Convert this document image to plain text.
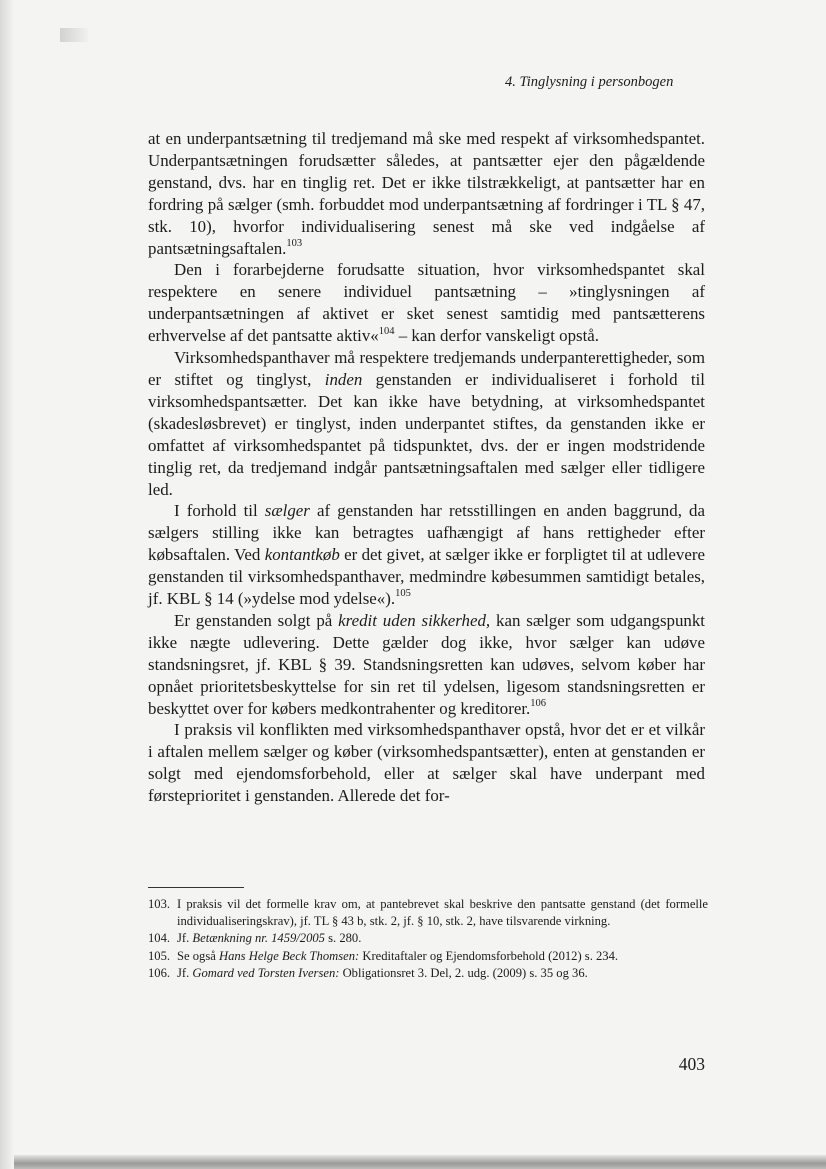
4. Tinglysning i personbogen

at en underpantsætning til tredjemand må ske med respekt af virksomhedspantet. Underpantsætningen forudsætter således, at pantsætter ejer den pågældende genstand, dvs. har en tinglig ret. Det er ikke tilstrækkeligt, at pantsætter har en fordring på sælger (smh. forbuddet mod underpantsætning af fordringer i TL § 47, stk. 10), hvorfor individualisering senest må ske ved indgåelse af pantsætningsaftalen.$^{103}$

Den i forarbejderne forudsatte situation, hvor virksomhedspantet skal respektere en senere individuel pantsætning – »tinglysningen af underpantsætningen af aktivet er sket senest samtidig med pantsætterens erhvervelse af det pantsatte aktiv«$^{104}$ – kan derfor vanskeligt opstå.

Virksomhedspanthaver må respektere tredjemands underpanterettigheder, som er stiftet og tinglyst, inden genstanden er individualiseret i forhold til virksomhedspantsætter. Det kan ikke have betydning, at virksomhedspantet (skadesløsbrevet) er tinglyst, inden underpantet stiftes, da genstanden ikke er omfattet af virksomhedspantet på tidspunktet, dvs. der er ingen modstridende tinglig ret, da tredjemand indgår pantsætningsaftalen med sælger eller tidligere led.

I forhold til sælger af genstanden har retsstillingen en anden baggrund, da sælgers stilling ikke kan betragtes uafhængigt af hans rettigheder efter købsaftalen. Ved kontantkøb er det givet, at sælger ikke er forpligtet til at udlevere genstanden til virksomhedspanthaver, medmindre købesummen samtidigt betales, jf. KBL § 14 (»ydelse mod ydelse«).$^{105}$

Er genstanden solgt på kredit uden sikkerhed, kan sælger som udgangspunkt ikke nægte udlevering. Dette gælder dog ikke, hvor sælger kan udøve standsningsret, jf. KBL § 39. Standsningsretten kan udøves, selvom køber har opnået prioritetsbeskyttelse for sin ret til ydelsen, ligesom standsningsretten er beskyttet over for købers medkontrahenter og kreditorer.$^{106}$

I praksis vil konflikten med virksomhedspanthaver opstå, hvor det er et vilkår i aftalen mellem sælger og køber (virksomhedspantsætter), enten at genstanden er solgt med ejendomsforbehold, eller at sælger skal have underpant med førsteprioritet i genstanden. Allerede det for-

103. I praksis vil det formelle krav om, at pantebrevet skal beskrive den pantsatte genstand (det formelle individualiseringskrav), jf. TL § 43 b, stk. 2, jf. § 10, stk. 2, have tilsvarende virkning.
104. Jf. Betænkning nr. 1459/2005 s. 280.
105. Se også Hans Helge Beck Thomsen: Kreditaftaler og Ejendomsforbehold (2012) s. 234.
106. Jf. Gomard ved Torsten Iversen: Obligationsret 3. Del, 2. udg. (2009) s. 35 og 36.
403
